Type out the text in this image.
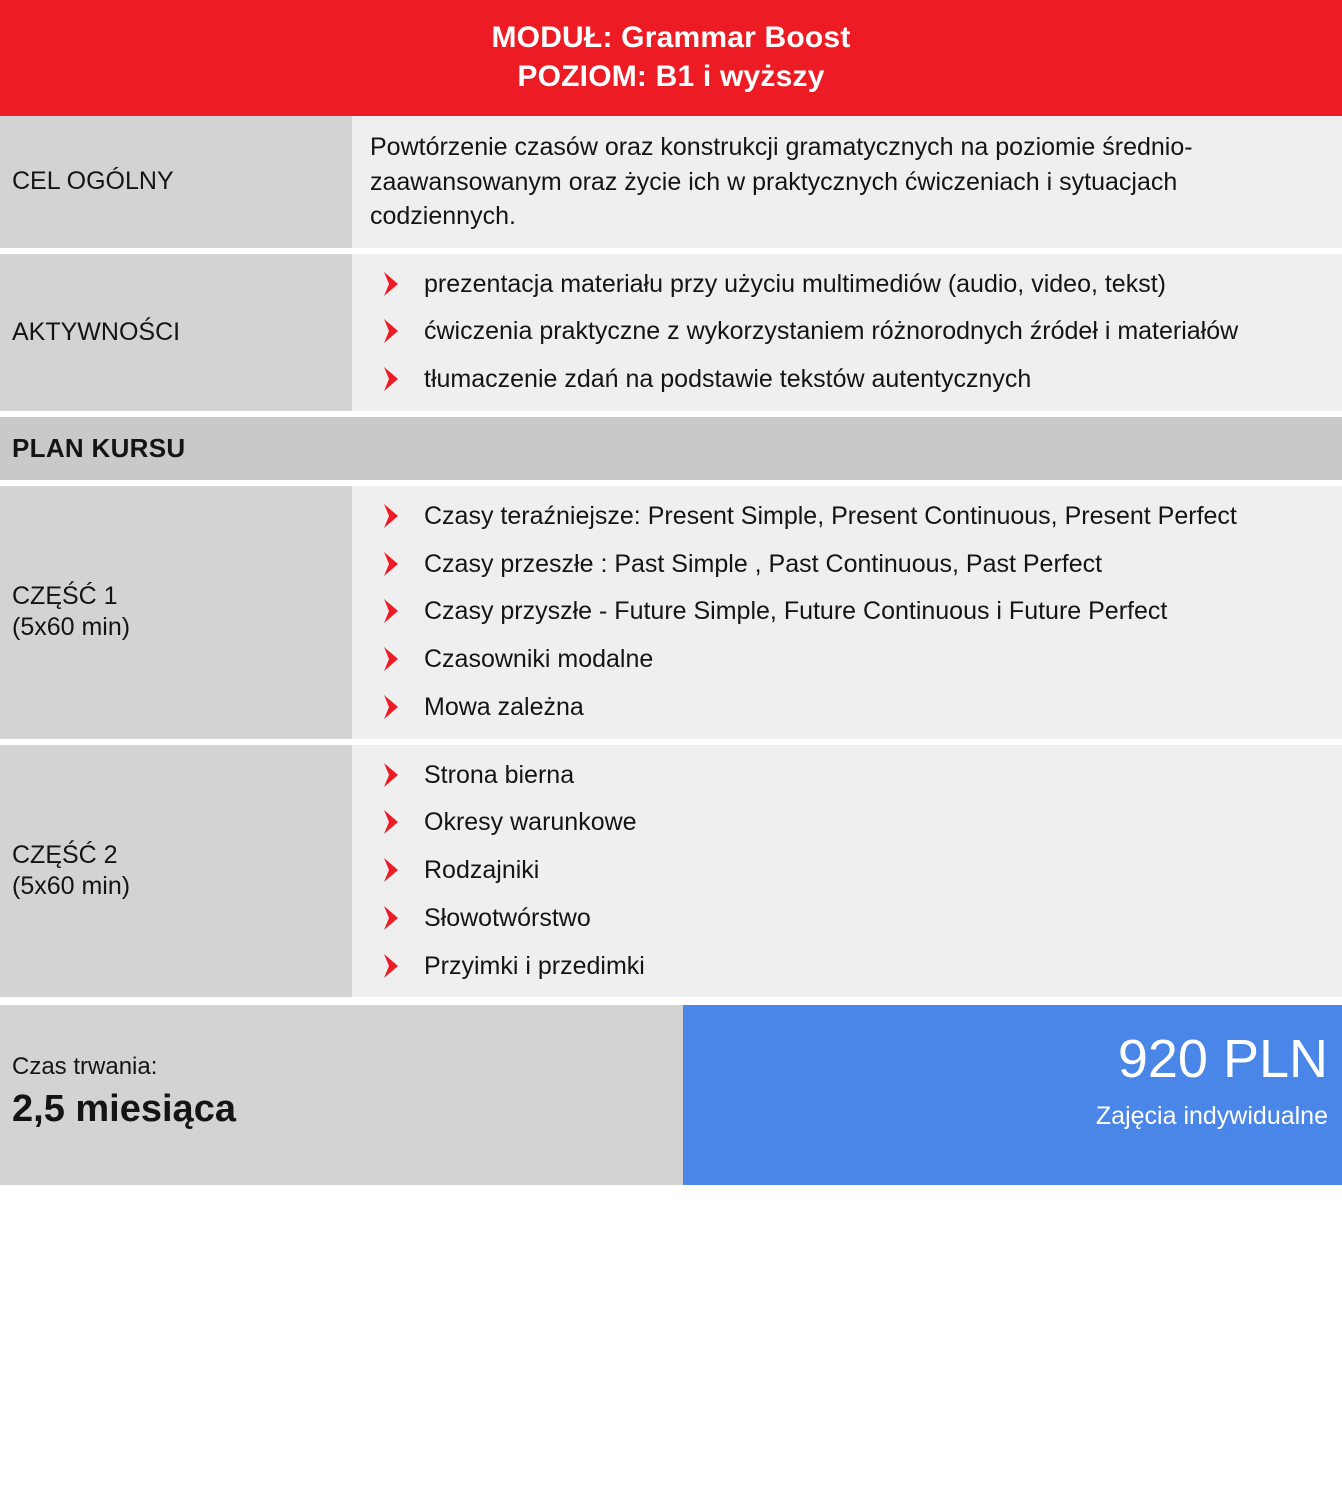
MODUŁ: Grammar Boost
POZIOM: B1 i wyższy
CEL OGÓLNY
Powtórzenie czasów oraz konstrukcji gramatycznych na poziomie średnio- zaawansowanym oraz życie ich w praktycznych ćwiczeniach i sytuacjach codziennych.
AKTYWNOŚCI
prezentacja materiału przy użyciu multimediów (audio, video, tekst)
ćwiczenia praktyczne z wykorzystaniem różnorodnych źródeł i materiałów
tłumaczenie zdań na podstawie tekstów autentycznych
PLAN KURSU
CZĘŚĆ 1
(5x60 min)
Czasy teraźniejsze: Present Simple, Present Continuous, Present Perfect
Czasy przeszłe : Past Simple , Past Continuous, Past Perfect
Czasy przyszłe - Future Simple, Future Continuous i Future Perfect
Czasowniki modalne
Mowa zależna
CZĘŚĆ 2
(5x60 min)
Strona bierna
Okresy warunkowe
Rodzajniki
Słowotwórstwo
Przyimki i przedimki
Czas trwania:
2,5 miesiąca
920 PLN
Zajęcia indywidualne
